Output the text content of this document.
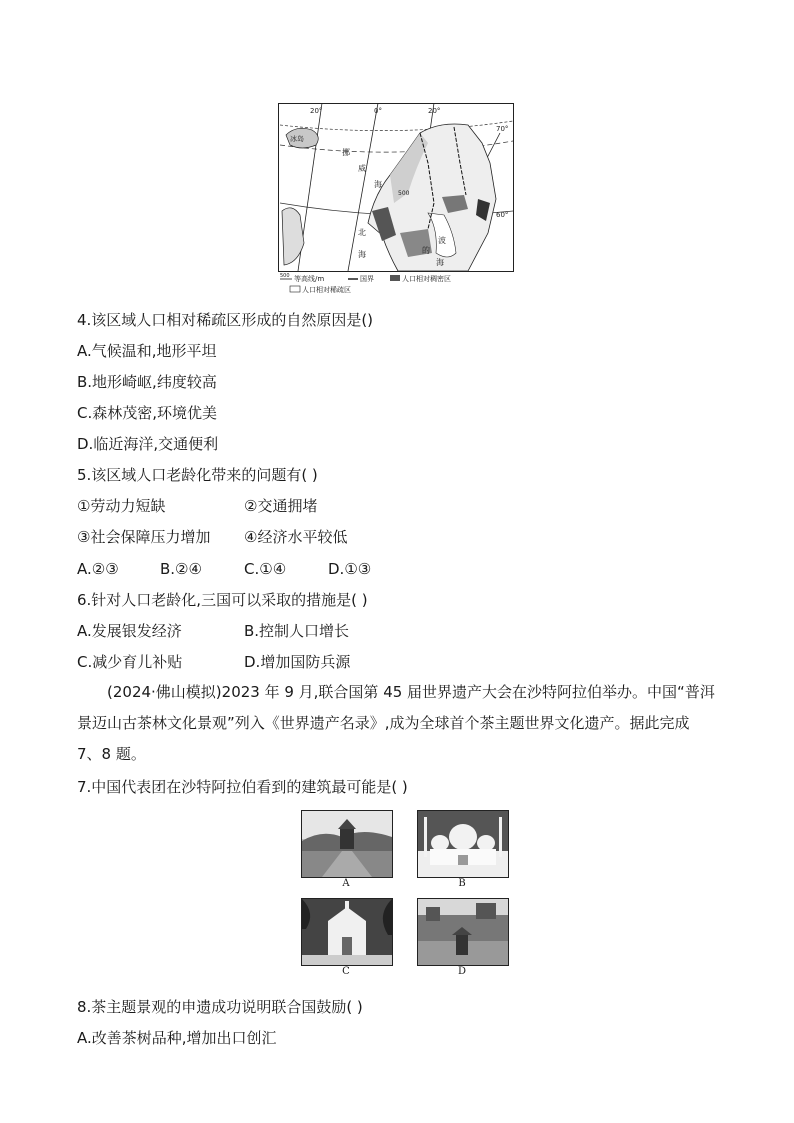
20°	0°	20°
70°
60°
挪
威
海
北
海
冰岛
500
波
的
海
500 等高线/m	国界	人口相对稠密区
人口相对稀疏区
4.该区域人口相对稀疏区形成的自然原因是()
A.气候温和,地形平坦
B.地形崎岖,纬度较高
C.森林茂密,环境优美
D.临近海洋,交通便利
5.该区域人口老龄化带来的问题有( )
①劳动力短缺	②交通拥堵
③社会保障压力增加 ④经济水平较低
A.②③	B.②④	C.①④	D.①③
6.针对人口老龄化,三国可以采取的措施是( )
A.发展银发经济	B.控制人口增长
C.减少育儿补贴	D.增加国防兵源
(2024·佛山模拟)2023 年 9 月,联合国第 45 届世界遗产大会在沙特阿拉伯举办。中国“普洱景迈山古茶林文化景观”列入《世界遗产名录》,成为全球首个茶主题世界文化遗产。据此完成 7、8 题。
7.中国代表团在沙特阿拉伯看到的建筑最可能是( )
A	B
C	D
8.茶主题景观的申遗成功说明联合国鼓励( )
A.改善茶树品种,增加出口创汇
